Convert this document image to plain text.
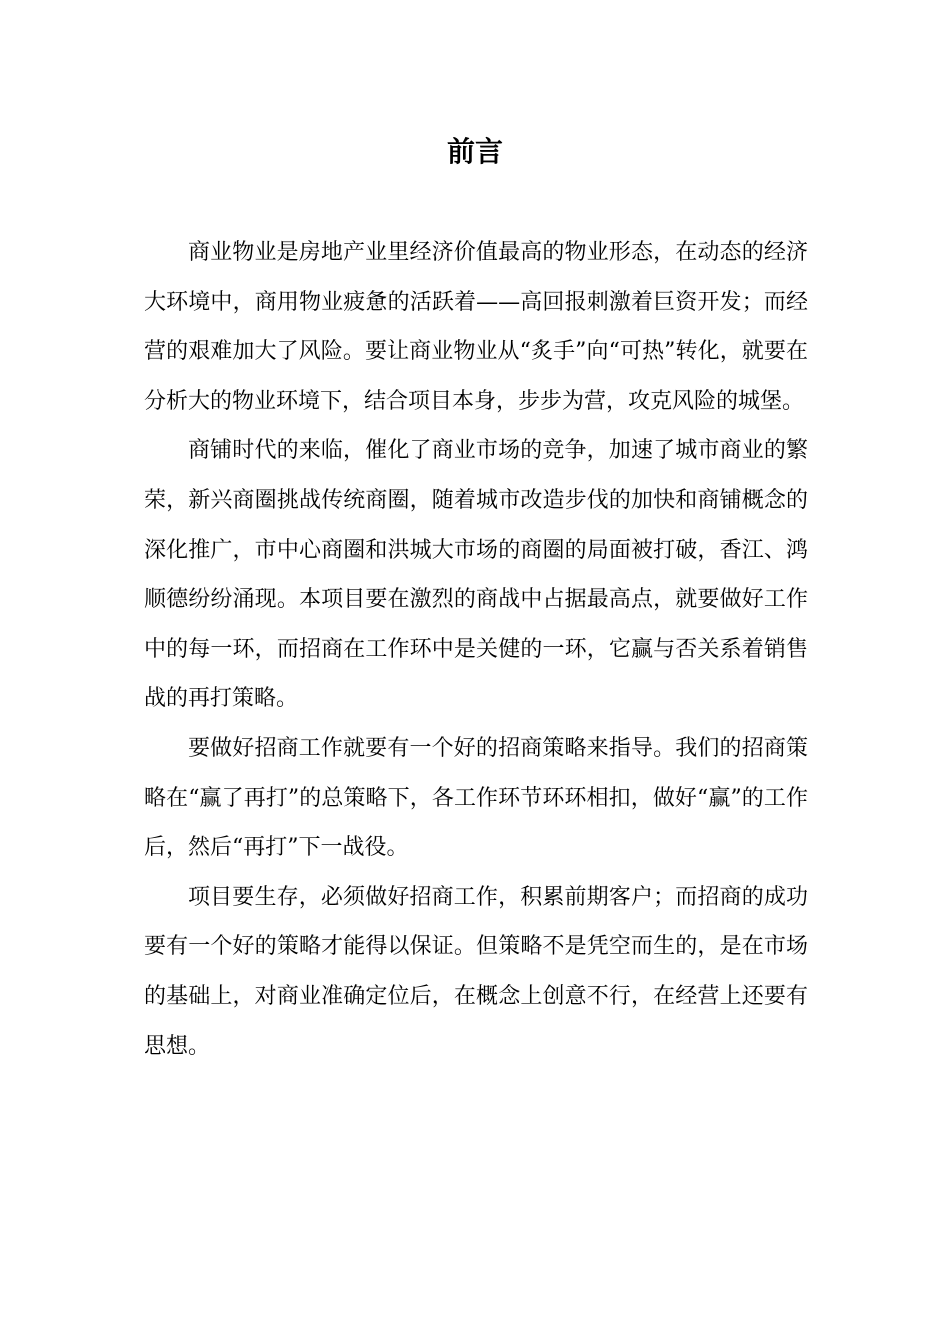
前言

商业物业是房地产业里经济价值最高的物业形态，在动态的经济大环境中，商用物业疲惫的活跃着——高回报刺激着巨资开发；而经营的艰难加大了风险。要让商业物业从“炙手”向“可热”转化，就要在分析大的物业环境下，结合项目本身，步步为营，攻克风险的城堡。

商铺时代的来临，催化了商业市场的竞争，加速了城市商业的繁荣，新兴商圈挑战传统商圈，随着城市改造步伐的加快和商铺概念的深化推广，市中心商圈和洪城大市场的商圈的局面被打破，香江、鸿顺德纷纷涌现。本项目要在激烈的商战中占据最高点，就要做好工作中的每一环，而招商在工作环中是关健的一环，它赢与否关系着销售战的再打策略。

要做好招商工作就要有一个好的招商策略来指导。我们的招商策略在“赢了再打”的总策略下，各工作环节环环相扣，做好“赢”的工作后，然后“再打”下一战役。

项目要生存，必须做好招商工作，积累前期客户；而招商的成功要有一个好的策略才能得以保证。但策略不是凭空而生的，是在市场的基础上，对商业准确定位后，在概念上创意不行，在经营上还要有思想。
